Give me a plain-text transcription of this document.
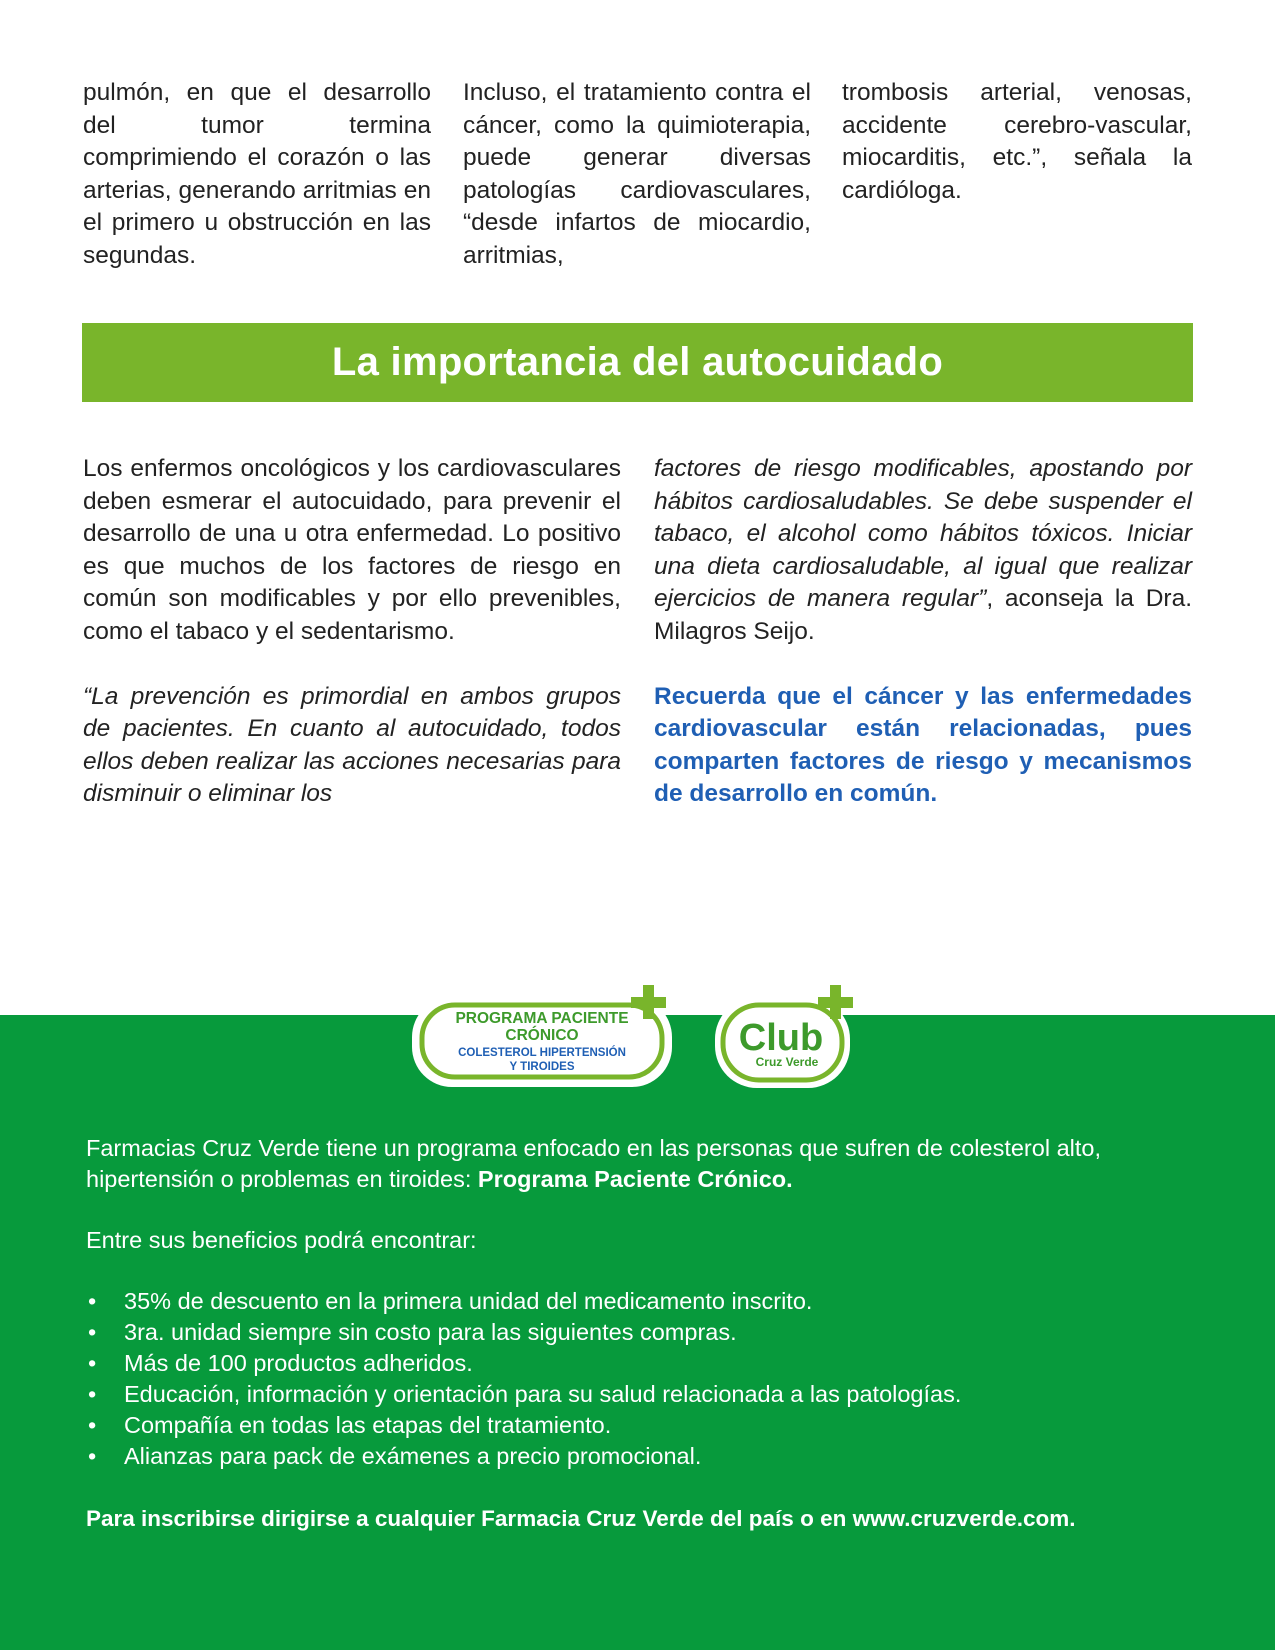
pulmón, en que el desarrollo del tumor termina comprimiendo el corazón o las arterias, generando arritmias en el primero u obstrucción en las segundas.

Incluso, el tratamiento contra el cáncer, como la quimioterapia, puede generar diversas patologías cardiovasculares, “desde infartos de miocardio, arritmias,

trombosis arterial, venosas, accidente cerebro-vascular, miocarditis, etc.”, señala la cardióloga.

La importancia del autocuidado

Los enfermos oncológicos y los cardiovasculares deben esmerar el autocuidado, para prevenir el desarrollo de una u otra enfermedad. Lo positivo es que muchos de los factores de riesgo en común son modificables y por ello prevenibles, como el tabaco y el sedentarismo.

“La prevención es primordial en ambos grupos de pacientes. En cuanto al autocuidado, todos ellos deben realizar las acciones necesarias para disminuir o eliminar los

factores de riesgo modificables, apostando por hábitos cardiosaludables. Se debe suspender el tabaco, el alcohol como hábitos tóxicos. Iniciar una dieta cardiosaludable, al igual que realizar ejercicios de manera regular”, aconseja la Dra. Milagros Seijo.

Recuerda que el cáncer y las enfermedades cardiovascular están relacionadas, pues comparten factores de riesgo y mecanismos de desarrollo en común.

PROGRAMA PACIENTE
CRÓNICO
COLESTEROL HIPERTENSIÓN
Y TIROIDES
Club
Cruz Verde

Farmacias Cruz Verde tiene un programa enfocado en las personas que sufren de colesterol alto, hipertensión o problemas en tiroides: Programa Paciente Crónico.

Entre sus beneficios podrá encontrar:

• 35% de descuento en la primera unidad del medicamento inscrito.
• 3ra. unidad siempre sin costo para las siguientes compras.
• Más de 100 productos adheridos.
• Educación, información y orientación para su salud relacionada a las patologías.
• Compañía en todas las etapas del tratamiento.
• Alianzas para pack de exámenes a precio promocional.

Para inscribirse dirigirse a cualquier Farmacia Cruz Verde del país o en www.cruzverde.com.
